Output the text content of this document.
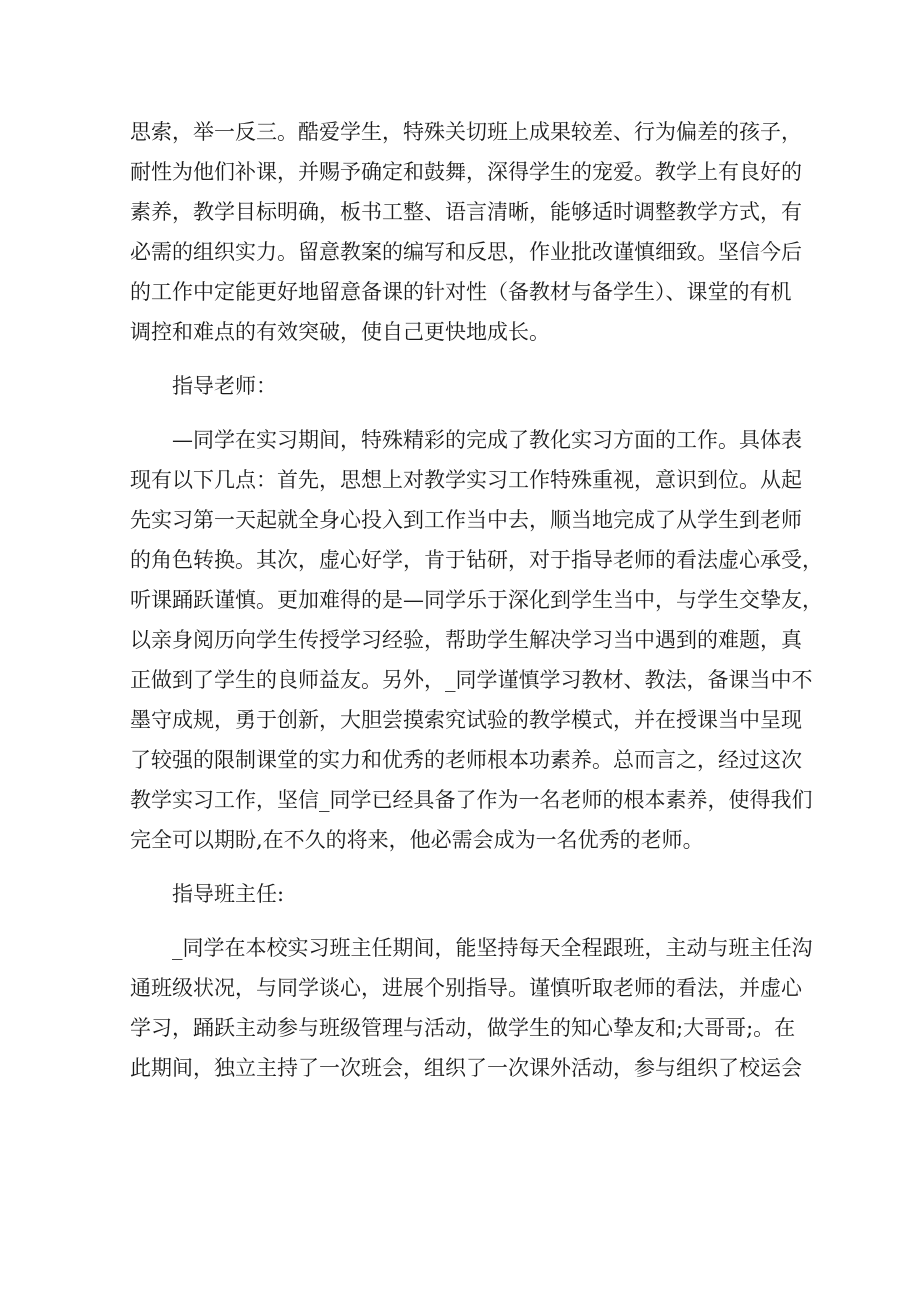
思索，举一反三。酷爱学生，特殊关切班上成果较差、行为偏差的孩子，
耐性为他们补课，并赐予确定和鼓舞，深得学生的宠爱。教学上有良好的
素养，教学目标明确，板书工整、语言清晰，能够适时调整教学方式，有
必需的组织实力。留意教案的编写和反思，作业批改谨慎细致。坚信今后
的工作中定能更好地留意备课的针对性（备教材与备学生）、课堂的有机
调控和难点的有效突破，使自己更快地成长。
指导老师：
—同学在实习期间，特殊精彩的完成了教化实习方面的工作。具体表
现有以下几点：首先，思想上对教学实习工作特殊重视，意识到位。从起
先实习第一天起就全身心投入到工作当中去，顺当地完成了从学生到老师
的角色转换。其次，虚心好学，肯于钻研，对于指导老师的看法虚心承受，
听课踊跃谨慎。更加难得的是—同学乐于深化到学生当中，与学生交挚友，
以亲身阅历向学生传授学习经验，帮助学生解决学习当中遇到的难题，真
正做到了学生的良师益友。另外，_同学谨慎学习教材、教法，备课当中不
墨守成规，勇于创新，大胆尝摸索究试验的教学模式，并在授课当中呈现
了较强的限制课堂的实力和优秀的老师根本功素养。总而言之，经过这次
教学实习工作，坚信_同学已经具备了作为一名老师的根本素养，使得我们
完全可以期盼,在不久的将来，他必需会成为一名优秀的老师。
指导班主任:
_同学在本校实习班主任期间，能坚持每天全程跟班，主动与班主任沟
通班级状况，与同学谈心，进展个别指导。谨慎听取老师的看法，并虚心
学习，踊跃主动参与班级管理与活动，做学生的知心挚友和;大哥哥;。在
此期间，独立主持了一次班会，组织了一次课外活动，参与组织了校运会
